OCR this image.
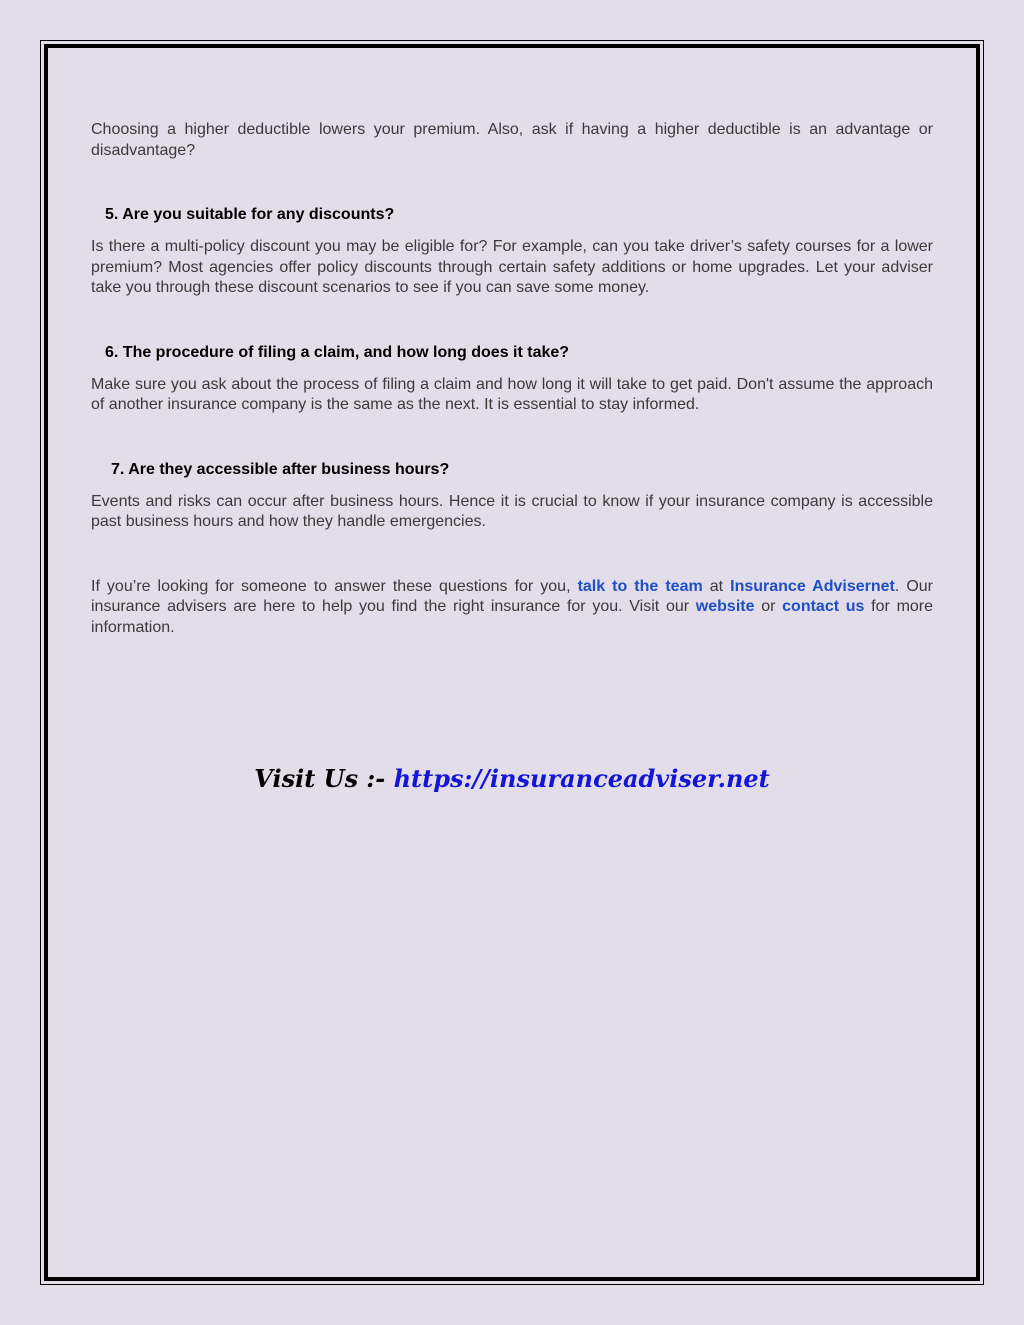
Choosing a higher deductible lowers your premium. Also, ask if having a higher deductible is an advantage or disadvantage?

5. Are you suitable for any discounts?

Is there a multi-policy discount you may be eligible for? For example, can you take driver’s safety courses for a lower premium? Most agencies offer policy discounts through certain safety additions or home upgrades. Let your adviser take you through these discount scenarios to see if you can save some money.

6. The procedure of filing a claim, and how long does it take?

Make sure you ask about the process of filing a claim and how long it will take to get paid. Don't assume the approach of another insurance company is the same as the next. It is essential to stay informed.

7. Are they accessible after business hours?

Events and risks can occur after business hours. Hence it is crucial to know if your insurance company is accessible past business hours and how they handle emergencies.

If you’re looking for someone to answer these questions for you, talk to the team at Insurance Advisernet. Our insurance advisers are here to help you find the right insurance for you. Visit our website or contact us for more information.

Visit Us :- https://insuranceadviser.net
